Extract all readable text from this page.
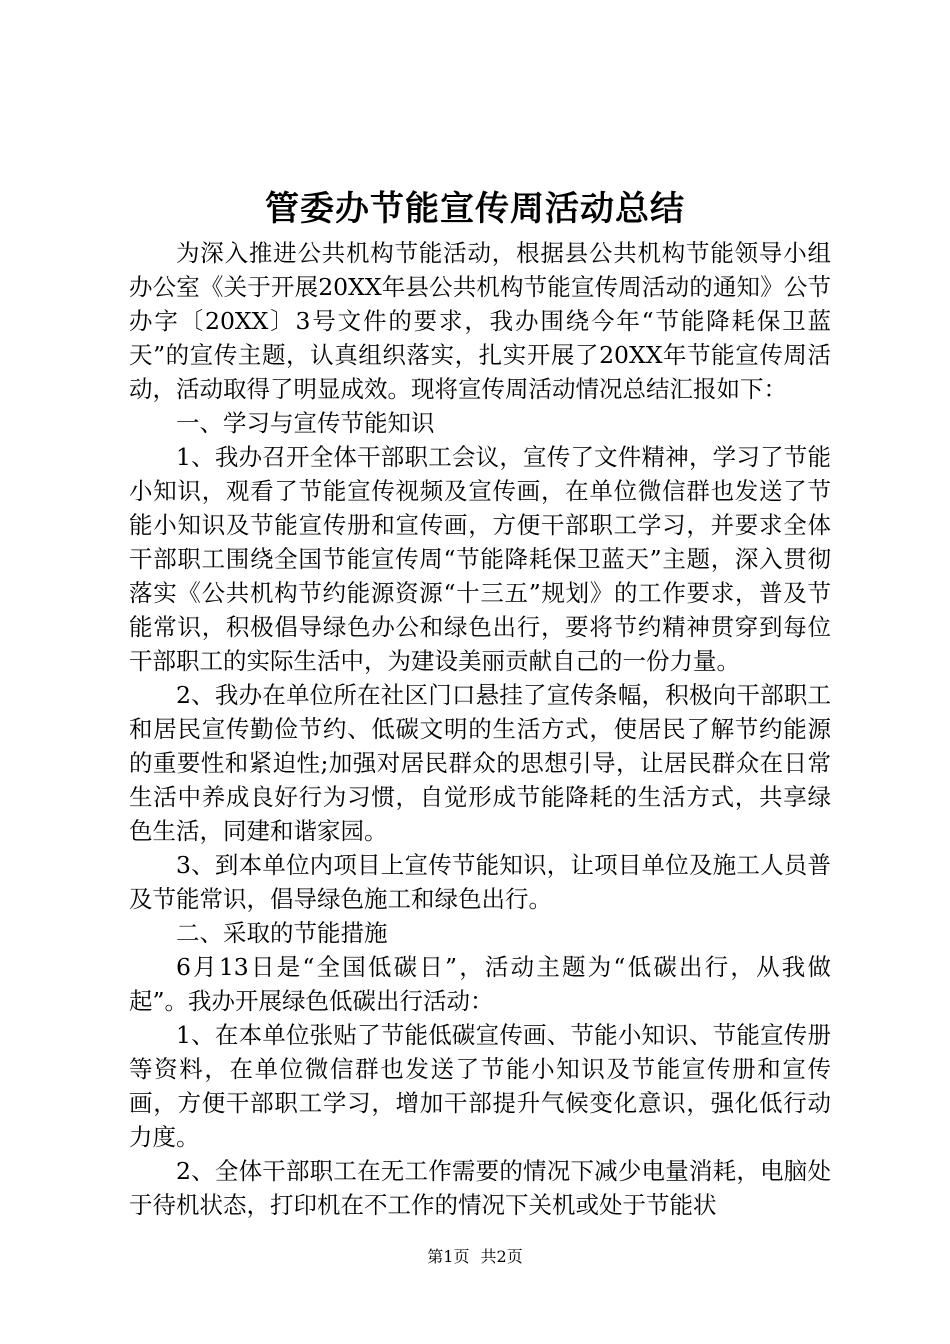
管委办节能宣传周活动总结

为深入推进公共机构节能活动，根据县公共机构节能领导小组办公室《关于开展20XX年县公共机构节能宣传周活动的通知》公节办字〔20XX〕3号文件的要求，我办围绕今年“节能降耗保卫蓝天”的宣传主题，认真组织落实，扎实开展了20XX年节能宣传周活动，活动取得了明显成效。现将宣传周活动情况总结汇报如下：

一、学习与宣传节能知识

1、我办召开全体干部职工会议，宣传了文件精神，学习了节能小知识，观看了节能宣传视频及宣传画，在单位微信群也发送了节能小知识及节能宣传册和宣传画，方便干部职工学习，并要求全体干部职工围绕全国节能宣传周“节能降耗保卫蓝天”主题，深入贯彻落实《公共机构节约能源资源“十三五”规划》的工作要求，普及节能常识，积极倡导绿色办公和绿色出行，要将节约精神贯穿到每位干部职工的实际生活中，为建设美丽贡献自己的一份力量。

2、我办在单位所在社区门口悬挂了宣传条幅，积极向干部职工和居民宣传勤俭节约、低碳文明的生活方式，使居民了解节约能源的重要性和紧迫性;加强对居民群众的思想引导，让居民群众在日常生活中养成良好行为习惯，自觉形成节能降耗的生活方式，共享绿色生活，同建和谐家园。

3、到本单位内项目上宣传节能知识，让项目单位及施工人员普及节能常识，倡导绿色施工和绿色出行。

二、采取的节能措施

6月13日是“全国低碳日”，活动主题为“低碳出行，从我做起”。我办开展绿色低碳出行活动：

1、在本单位张贴了节能低碳宣传画、节能小知识、节能宣传册等资料，在单位微信群也发送了节能小知识及节能宣传册和宣传画，方便干部职工学习，增加干部提升气候变化意识，强化低行动力度。

2、全体干部职工在无工作需要的情况下减少电量消耗，电脑处于待机状态，打印机在不工作的情况下关机或处于节能状

第1页 共2页
